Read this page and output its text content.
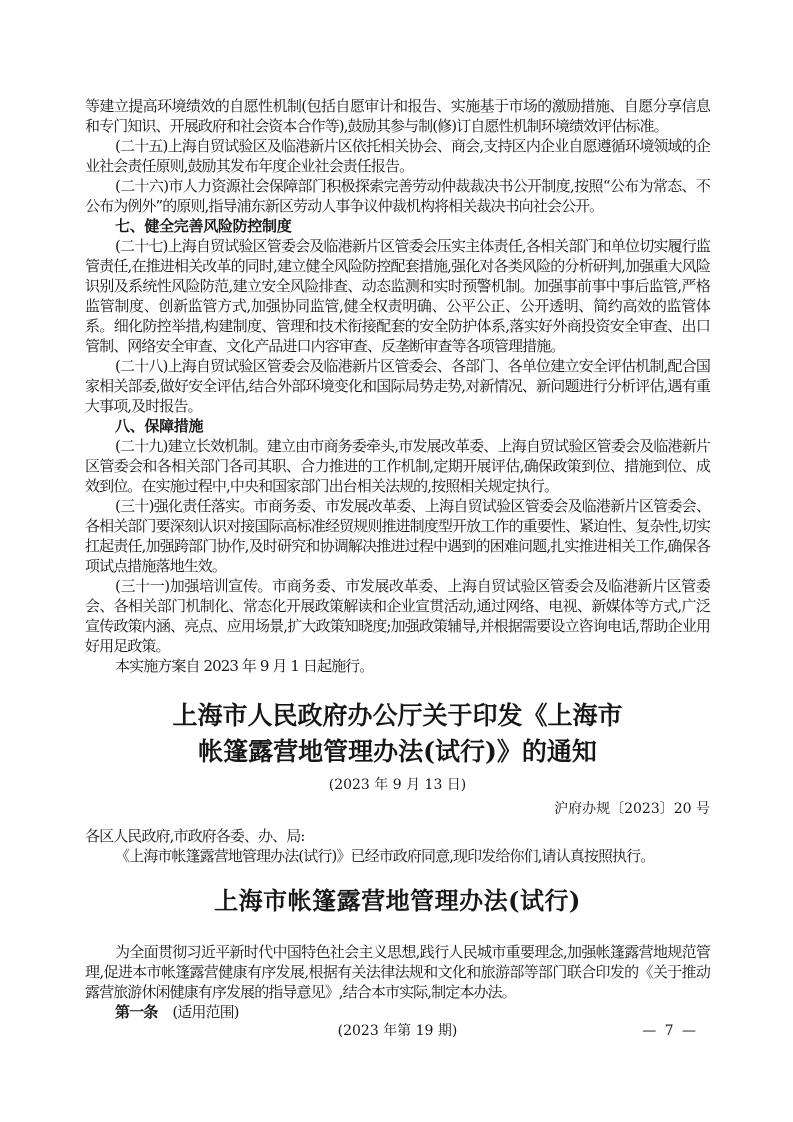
等建立提高环境绩效的自愿性机制(包括自愿审计和报告、实施基于市场的激励措施、自愿分享信息和专门知识、开展政府和社会资本合作等),鼓励其参与制(修)订自愿性机制环境绩效评估标准。

(二十五)上海自贸试验区及临港新片区依托相关协会、商会,支持区内企业自愿遵循环境领域的企业社会责任原则,鼓励其发布年度企业社会责任报告。

(二十六)市人力资源社会保障部门积极探索完善劳动仲裁裁决书公开制度,按照“公布为常态、不公布为例外”的原则,指导浦东新区劳动人事争议仲裁机构将相关裁决书向社会公开。

七、健全完善风险防控制度

(二十七)上海自贸试验区管委会及临港新片区管委会压实主体责任,各相关部门和单位切实履行监管责任,在推进相关改革的同时,建立健全风险防控配套措施,强化对各类风险的分析研判,加强重大风险识别及系统性风险防范,建立安全风险排查、动态监测和实时预警机制。加强事前事中事后监管,严格监管制度、创新监管方式,加强协同监管,健全权责明确、公平公正、公开透明、简约高效的监管体系。细化防控举措,构建制度、管理和技术衔接配套的安全防护体系,落实好外商投资安全审查、出口管制、网络安全审查、文化产品进口内容审查、反垄断审查等各项管理措施。

(二十八)上海自贸试验区管委会及临港新片区管委会、各部门、各单位建立安全评估机制,配合国家相关部委,做好安全评估,结合外部环境变化和国际局势走势,对新情况、新问题进行分析评估,遇有重大事项,及时报告。

八、保障措施

(二十九)建立长效机制。建立由市商务委牵头,市发展改革委、上海自贸试验区管委会及临港新片区管委会和各相关部门各司其职、合力推进的工作机制,定期开展评估,确保政策到位、措施到位、成效到位。在实施过程中,中央和国家部门出台相关法规的,按照相关规定执行。

(三十)强化责任落实。市商务委、市发展改革委、上海自贸试验区管委会及临港新片区管委会、各相关部门要深刻认识对接国际高标准经贸规则推进制度型开放工作的重要性、紧迫性、复杂性,切实扛起责任,加强跨部门协作,及时研究和协调解决推进过程中遇到的困难问题,扎实推进相关工作,确保各项试点措施落地生效。

(三十一)加强培训宣传。市商务委、市发展改革委、上海自贸试验区管委会及临港新片区管委会、各相关部门机制化、常态化开展政策解读和企业宣贯活动,通过网络、电视、新媒体等方式,广泛宣传政策内涵、亮点、应用场景,扩大政策知晓度;加强政策辅导,并根据需要设立咨询电话,帮助企业用好用足政策。

本实施方案自 2023 年 9 月 1 日起施行。

上海市人民政府办公厅关于印发《上海市
帐篷露营地管理办法(试行)》的通知

(2023 年 9 月 13 日)

沪府办规〔2023〕20 号

各区人民政府,市政府各委、办、局:

《上海市帐篷露营地管理办法(试行)》已经市政府同意,现印发给你们,请认真按照执行。

上海市帐篷露营地管理办法(试行)

为全面贯彻习近平新时代中国特色社会主义思想,践行人民城市重要理念,加强帐篷露营地规范管理,促进本市帐篷露营健康有序发展,根据有关法律法规和文化和旅游部等部门联合印发的《关于推动露营旅游休闲健康有序发展的指导意见》,结合本市实际,制定本办法。

第一条 (适用范围)

(2023 年第 19 期)	— 7 —
